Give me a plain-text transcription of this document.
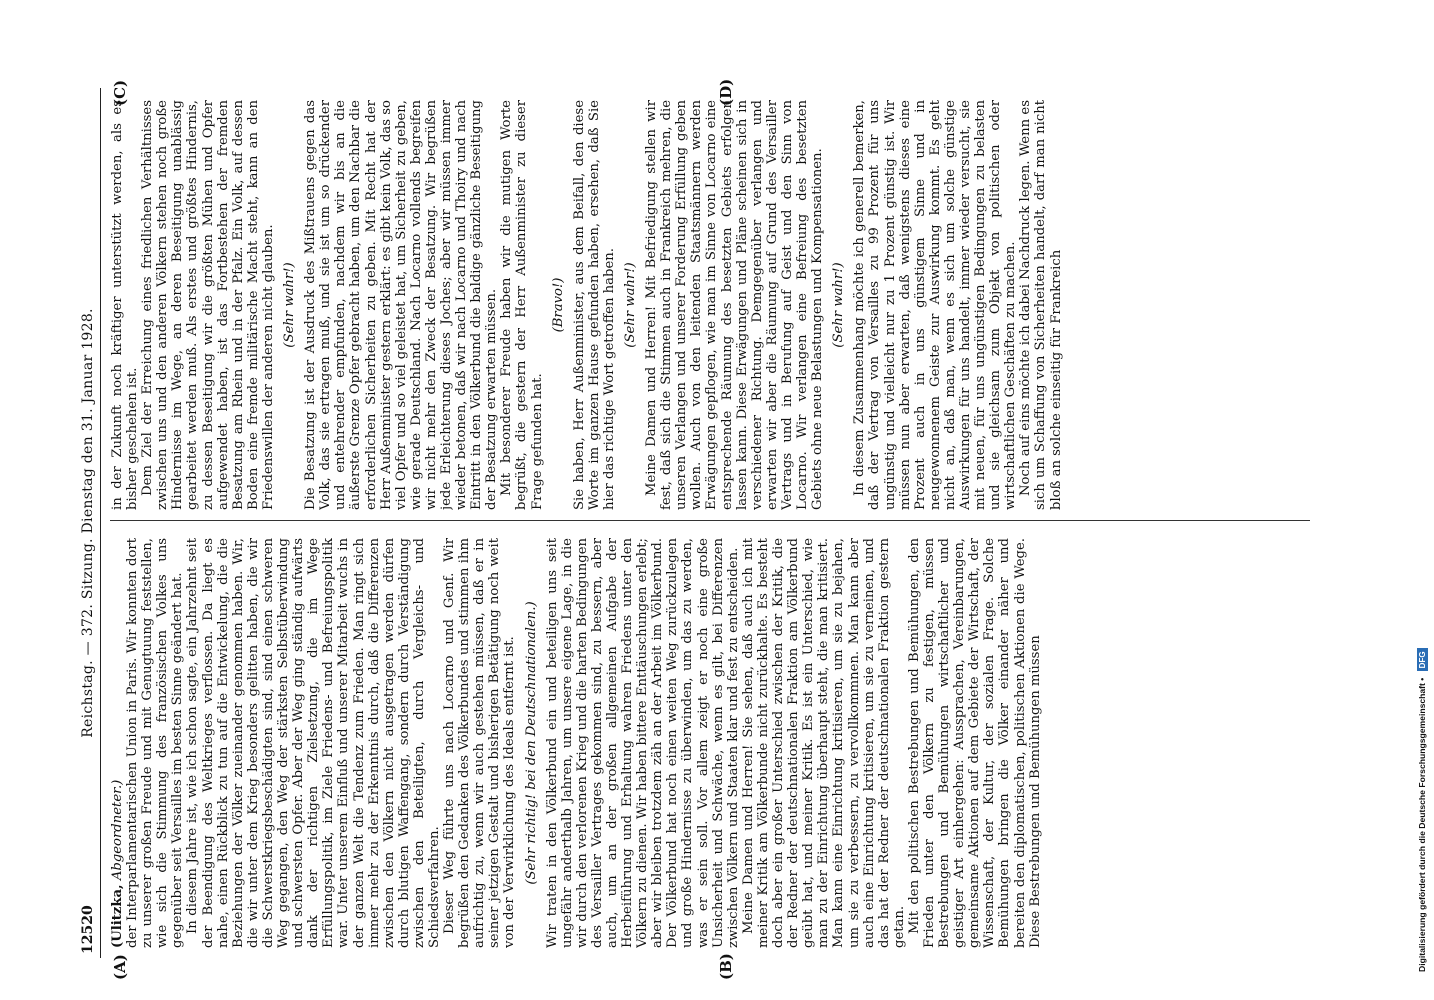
12520
Reichstag. — 372. Sitzung. Dienstag den 31. Januar 1928.
(A)	(B)
(C)	(D)

(Ulitzka, Abgeordneter.) der Interparlamentarischen Union in Paris. Wir konnten dort zu unserer großen Freude und mit Genugtuung feststellen, wie sich die Stimmung des französischen Volkes uns gegenüber seit Versailles im besten Sinne geändert hat. In diesem Jahre ist, wie ich schon sagte, ein Jahrzehnt seit der Beendigung des Weltkrieges verflossen. Da liegt es nahe, einen Rückblick zu tun auf die Entwickelung, die die Beziehungen der Völker zueinander genommen haben. Wir, die wir unter dem Krieg besonders gelitten haben, die wir die Schwerstkriegsbeschädigten sind, sind einen schweren Weg gegangen, den Weg der stärksten Selbstüberwindung und schwersten Opfer. Aber der Weg ging ständig aufwärts dank der richtigen Zielsetzung, die im Wege Erfüllungspolitik, im Ziele Friedens- und Befreiungspolitik war. Unter unserem Einfluß und unserer Mitarbeit wuchs in der ganzen Welt die Tendenz zum Frieden. Man ringt sich immer mehr zu der Erkenntnis durch, daß die Differenzen zwischen den Völkern nicht ausgetragen werden dürfen durch blutigen Waffengang, sondern durch Verständigung zwischen den Beteiligten, durch Vergleichs- und Schiedsverfahren. Dieser Weg führte uns nach Locarno und Genf. Wir begrüßen den Gedanken des Völkerbundes und stimmen ihm aufrichtig zu, wenn wir auch gestehen müssen, daß er in seiner jetzigen Gestalt und bisherigen Betätigung noch weit von der Verwirklichung des Ideals entfernt ist. (Sehr richtig! bei den Deutschnationalen.) Wir traten in den Völkerbund ein und beteiligen uns seit ungefähr anderthalb Jahren, um unsere eigene Lage, in die wir durch den verlorenen Krieg und die harten Bedingungen des Versailler Vertrages gekommen sind, zu bessern, aber auch, um an der großen allgemeinen Aufgabe der Herbeiführung und Erhaltung wahren Friedens unter den Völkern zu dienen. Wir haben bittere Enttäuschungen erlebt; aber wir bleiben trotzdem zäh an der Arbeit im Völkerbund. Der Völkerbund hat noch einen weiten Weg zurückzulegen und große Hindernisse zu überwinden, um das zu werden, was er sein soll. Vor allem zeigt er noch eine große Unsicherheit und Schwäche, wenn es gilt, bei Differenzen zwischen Völkern und Staaten klar und fest zu entscheiden. Meine Damen und Herren! Sie sehen, daß auch ich mit meiner Kritik am Völkerbunde nicht zurückhalte. Es besteht doch aber ein großer Unterschied zwischen der Kritik, die der Redner der deutschnationalen Fraktion am Völkerbund geübt hat, und meiner Kritik. Es ist ein Unterschied, wie man zu der Einrichtung überhaupt steht, die man kritisiert. Man kann eine Einrichtung kritisieren, um sie zu bejahen, um sie zu verbessern, zu vervollkommnen. Man kann aber auch eine Einrichtung kritisieren, um sie zu verneinen, und das hat der Redner der deutschnationalen Fraktion gestern getan. Mit den politischen Bestrebungen und Bemühungen, den Frieden unter den Völkern zu festigen, müssen Bestrebungen und Bemühungen wirtschaftlicher und geistiger Art einhergehen: Aussprachen, Vereinbarungen, gemeinsame Aktionen auf dem Gebiete der Wirtschaft, der Wissenschaft, der Kultur, der sozialen Frage. Solche Bemühungen bringen die Völker einander näher und bereiten den diplomatischen, politischen Aktionen die Wege. Diese Bestrebungen und Bemühungen müssen

in der Zukunft noch kräftiger unterstützt werden, als es bisher geschehen ist. Dem Ziel der Erreichung eines friedlichen Verhältnisses zwischen uns und den anderen Völkern stehen noch große Hindernisse im Wege, an deren Beseitigung unablässig gearbeitet werden muß. Als erstes und größtes Hindernis, zu dessen Beseitigung wir die größten Mühen und Opfer aufgewendet haben, ist das Fortbestehen der fremden Besatzung am Rhein und in der Pfalz. Ein Volk, auf dessen Boden eine fremde militärische Macht steht, kann an den Friedenswillen der anderen nicht glauben. (Sehr wahr!) Die Besatzung ist der Ausdruck des Mißtrauens gegen das Volk, das sie ertragen muß, und sie ist um so drückender und entehrender empfunden, nachdem wir bis an die äußerste Grenze Opfer gebracht haben, um den Nachbar die erforderlichen Sicherheiten zu geben. Mit Recht hat der Herr Außenminister gestern erklärt: es gibt kein Volk, das so viel Opfer und so viel geleistet hat, um Sicherheit zu geben, wie gerade Deutschland. Nach Locarno vollends begreifen wir nicht mehr den Zweck der Besatzung. Wir begrüßen jede Erleichterung dieses Joches; aber wir müssen immer wieder betonen, daß wir nach Locarno und Thoiry und nach Eintritt in den Völkerbund die baldige gänzliche Beseitigung der Besatzung erwarten müssen. Mit besonderer Freude haben wir die mutigen Worte begrüßt, die gestern der Herr Außenminister zu dieser Frage gefunden hat.

(Bravo!) Sie haben, Herr Außenminister, aus dem Beifall, den diese Worte im ganzen Hause gefunden haben, ersehen, daß Sie hier das richtige Wort getroffen haben. (Sehr wahr!) Meine Damen und Herren! Mit Befriedigung stellen wir fest, daß sich die Stimmen auch in Frankreich mehren, die unseren Verlangen und unserer Forderung Erfüllung geben wollen. Auch von den leitenden Staatsmännern werden Erwägungen gepflogen, wie man im Sinne von Locarno eine entsprechende Räumung des besetzten Gebiets erfolgen lassen kann. Diese Erwägungen und Pläne scheinen sich in verschiedener Richtung. Demgegenüber verlangen und erwarten wir aber die Räumung auf Grund des Versailler Vertrags und in Berufung auf Geist und den Sinn von Locarno. Wir verlangen eine Befreiung des besetzten Gebiets ohne neue Belastungen und Kompensationen. (Sehr wahr!) In diesem Zusammenhang möchte ich generell bemerken, daß der Vertrag von Versailles zu 99 Prozent für uns ungünstig und vielleicht nur zu 1 Prozent günstig ist. Wir müssen nun aber erwarten, daß wenigstens dieses eine Prozent auch in uns günstigem Sinne und in neugewonnenem Geiste zur Auswirkung kommt. Es geht nicht an, daß man, wenn es sich um solche günstige Auswirkungen für uns handelt, immer wieder versucht, sie mit neuen, für uns ungünstigen Bedingungen zu belasten und sie gleichsam zum Objekt von politischen oder wirtschaftlichen Geschäften zu machen. Noch auf eins möchte ich dabei Nachdruck legen. Wenn es sich um Schaffung von Sicherheiten handelt, darf man nicht bloß an solche einseitig für Frankreich

Digitalisierung gefördert durch die Deutsche Forschungsgemeinschaft • DFG
